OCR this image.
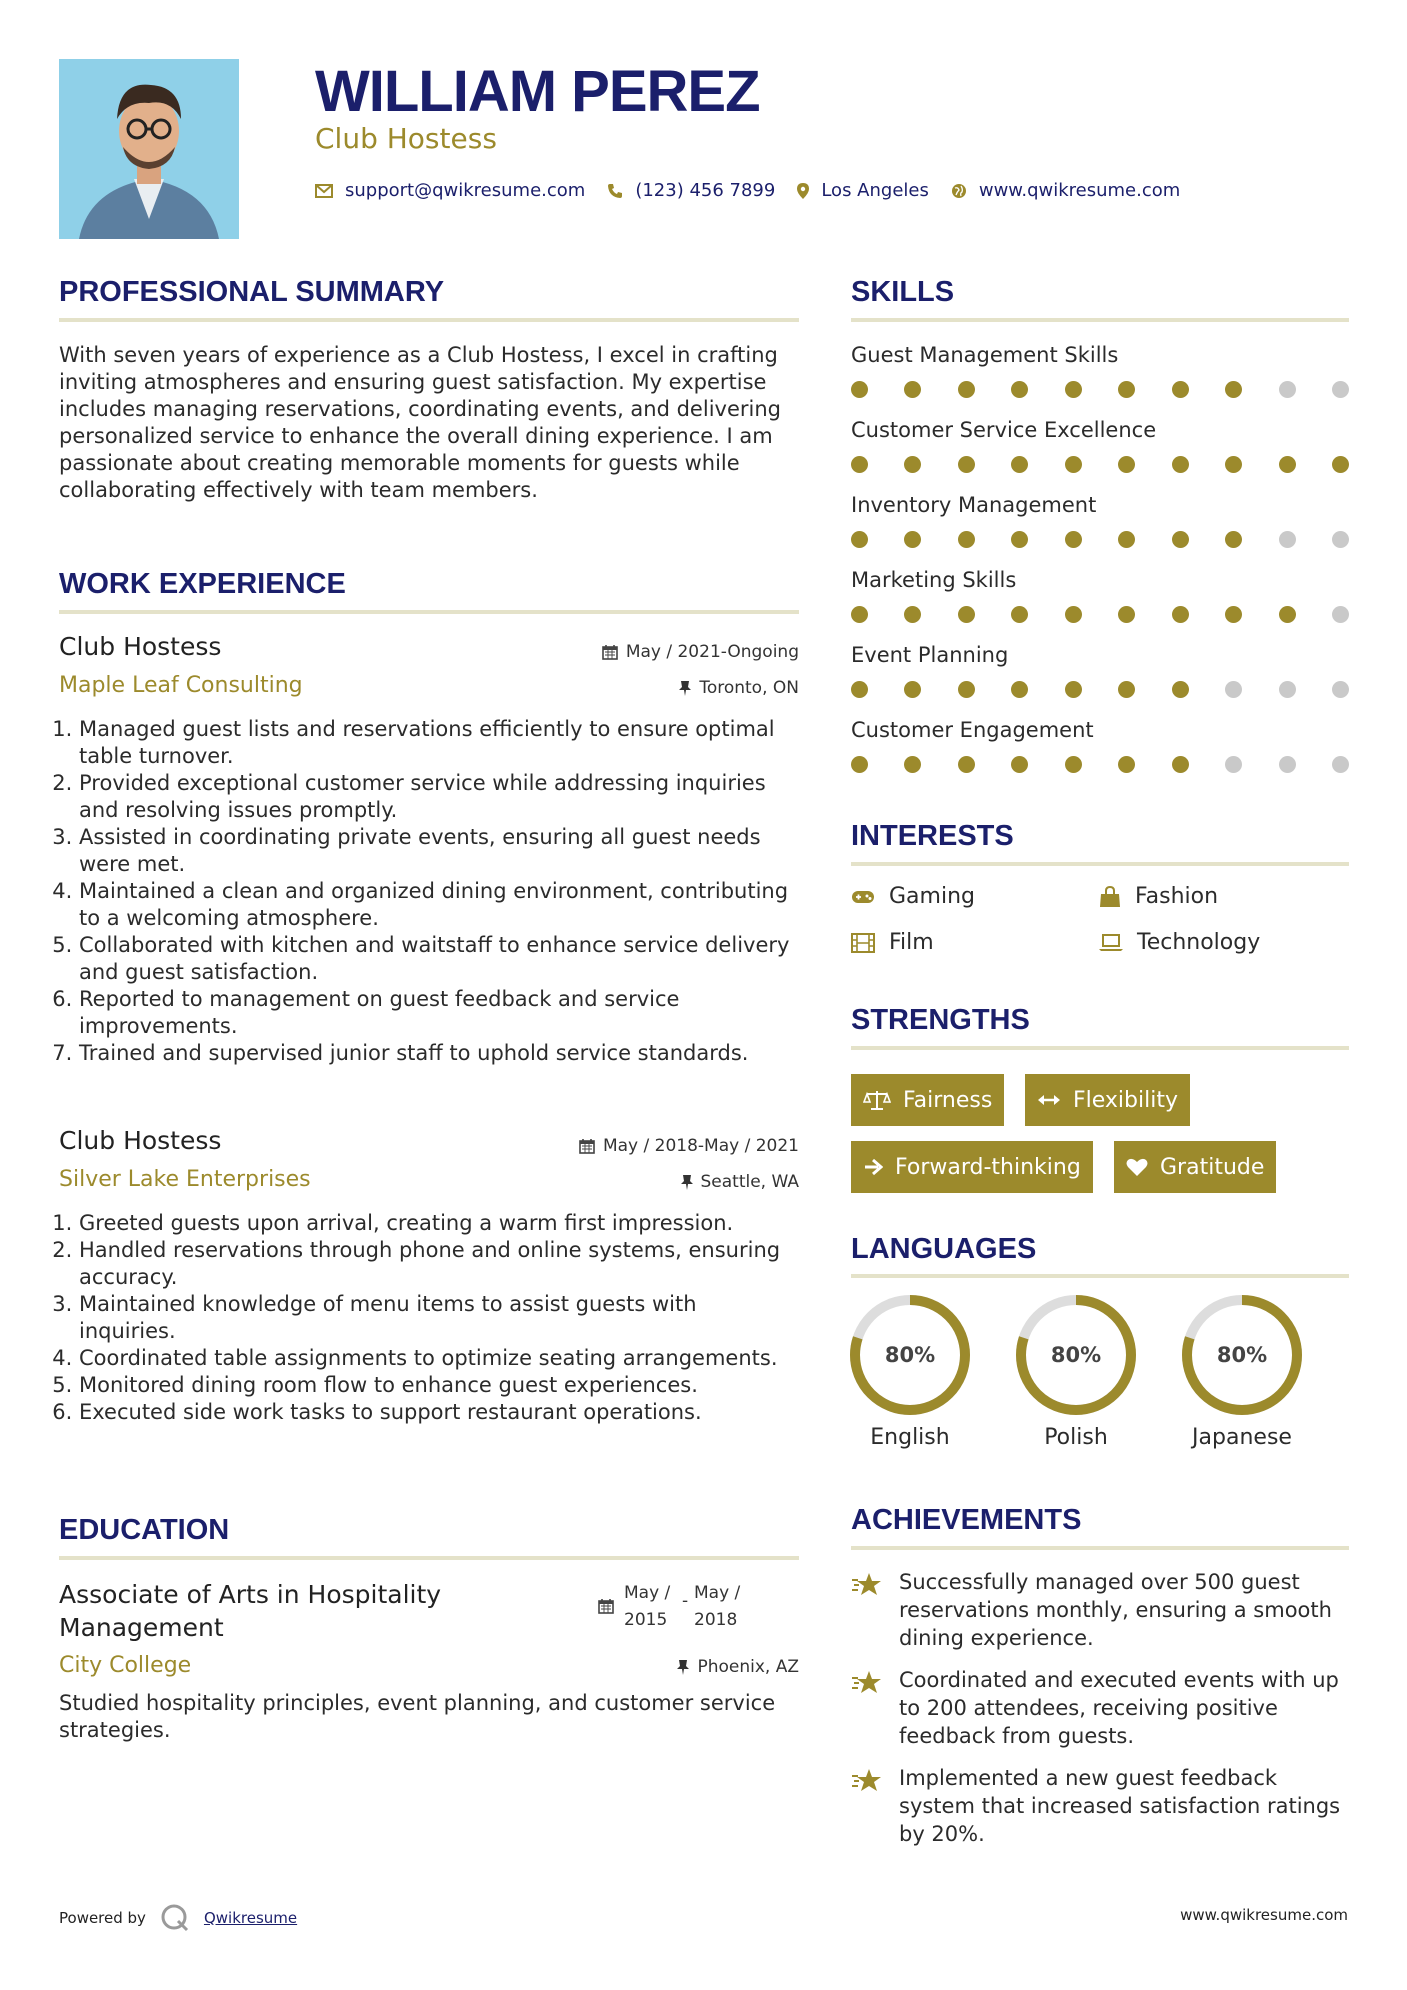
WILLIAM PEREZ
Club Hostess
support@qwikresume.com	(123) 456 7899	Los Angeles	www.qwikresume.com
PROFESSIONAL SUMMARY
With seven years of experience as a Club Hostess, I excel in crafting inviting atmospheres and ensuring guest satisfaction. My expertise includes managing reservations, coordinating events, and delivering personalized service to enhance the overall dining experience. I am passionate about creating memorable moments for guests while collaborating effectively with team members.
WORK EXPERIENCE
Club Hostess	May / 2021-Ongoing
Maple Leaf Consulting	Toronto, ON
1. Managed guest lists and reservations efficiently to ensure optimal table turnover.
2. Provided exceptional customer service while addressing inquiries and resolving issues promptly.
3. Assisted in coordinating private events, ensuring all guest needs were met.
4. Maintained a clean and organized dining environment, contributing to a welcoming atmosphere.
5. Collaborated with kitchen and waitstaff to enhance service delivery and guest satisfaction.
6. Reported to management on guest feedback and service improvements.
7. Trained and supervised junior staff to uphold service standards.
Club Hostess	May / 2018-May / 2021
Silver Lake Enterprises	Seattle, WA
1. Greeted guests upon arrival, creating a warm first impression.
2. Handled reservations through phone and online systems, ensuring accuracy.
3. Maintained knowledge of menu items to assist guests with inquiries.
4. Coordinated table assignments to optimize seating arrangements.
5. Monitored dining room flow to enhance guest experiences.
6. Executed side work tasks to support restaurant operations.
EDUCATION
Associate of Arts in Hospitality
Management
May /
2015
- May /
2018
City College	Phoenix, AZ
Studied hospitality principles, event planning, and customer service strategies.
SKILLS
Guest Management Skills
Customer Service Excellence
Inventory Management
Marketing Skills
Event Planning
Customer Engagement
INTERESTS
Gaming	Fashion
Film	Technology
STRENGTHS
Fairness	Flexibility
Forward-thinking	Gratitude
LANGUAGES
80%
English
80%
Polish
80%
Japanese
ACHIEVEMENTS
Successfully managed over 500 guest reservations monthly, ensuring a smooth dining experience.
Coordinated and executed events with up to 200 attendees, receiving positive feedback from guests.
Implemented a new guest feedback system that increased satisfaction ratings by 20%.
Powered by	Qwikresume	www.qwikresume.com
